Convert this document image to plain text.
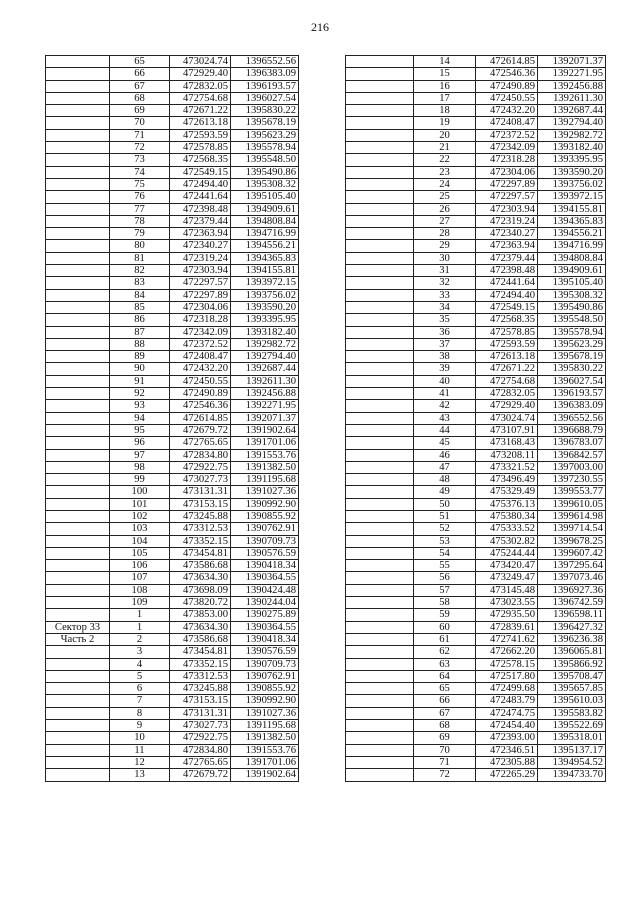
216
	65	473024.74	1396552.56
	66	472929.40	1396383.09
	67	472832.05	1396193.57
	68	472754.68	1396027.54
	69	472671.22	1395830.22
	70	472613.18	1395678.19
	71	472593.59	1395623.29
	72	472578.85	1395578.94
	73	472568.35	1395548.50
	74	472549.15	1395490.86
	75	472494.40	1395308.32
	76	472441.64	1395105.40
	77	472398.48	1394909.61
	78	472379.44	1394808.84
	79	472363.94	1394716.99
	80	472340.27	1394556.21
	81	472319.24	1394365.83
	82	472303.94	1394155.81
	83	472297.57	1393972.15
	84	472297.89	1393756.02
	85	472304.06	1393590.20
	86	472318.28	1393395.95
	87	472342.09	1393182.40
	88	472372.52	1392982.72
	89	472408.47	1392794.40
	90	472432.20	1392687.44
	91	472450.55	1392611.30
	92	472490.89	1392456.88
	93	472546.36	1392271.95
	94	472614.85	1392071.37
	95	472679.72	1391902.64
	96	472765.65	1391701.06
	97	472834.80	1391553.76
	98	472922.75	1391382.50
	99	473027.73	1391195.68
	100	473131.31	1391027.36
	101	473153.15	1390992.90
	102	473245.88	1390855.92
	103	473312.53	1390762.91
	104	473352.15	1390709.73
	105	473454.81	1390576.59
	106	473586.68	1390418.34
	107	473634.30	1390364.55
	108	473698.09	1390424.48
	109	473820.72	1390244.04
	1	473853.00	1390275.89
Сектор 33	1	473634.30	1390364.55
Часть 2	2	473586.68	1390418.34
	3	473454.81	1390576.59
	4	473352.15	1390709.73
	5	473312.53	1390762.91
	6	473245.88	1390855.92
	7	473153.15	1390992.90
	8	473131.31	1391027.36
	9	473027.73	1391195.68
	10	472922.75	1391382.50
	11	472834.80	1391553.76
	12	472765.65	1391701.06
	13	472679.72	1391902.64
	14	472614.85	1392071.37
	15	472546.36	1392271.95
	16	472490.89	1392456.88
	17	472450.55	1392611.30
	18	472432.20	1392687.44
	19	472408.47	1392794.40
	20	472372.52	1392982.72
	21	472342.09	1393182.40
	22	472318.28	1393395.95
	23	472304.06	1393590.20
	24	472297.89	1393756.02
	25	472297.57	1393972.15
	26	472303.94	1394155.81
	27	472319.24	1394365.83
	28	472340.27	1394556.21
	29	472363.94	1394716.99
	30	472379.44	1394808.84
	31	472398.48	1394909.61
	32	472441.64	1395105.40
	33	472494.40	1395308.32
	34	472549.15	1395490.86
	35	472568.35	1395548.50
	36	472578.85	1395578.94
	37	472593.59	1395623.29
	38	472613.18	1395678.19
	39	472671.22	1395830.22
	40	472754.68	1396027.54
	41	472832.05	1396193.57
	42	472929.40	1396383.09
	43	473024.74	1396552.56
	44	473107.91	1396688.79
	45	473168.43	1396783.07
	46	473208.11	1396842.57
	47	473321.52	1397003.00
	48	473496.49	1397230.55
	49	475329.49	1399553.77
	50	475376.13	1399610.05
	51	475380.34	1399614.98
	52	475333.52	1399714.54
	53	475302.82	1399678.25
	54	475244.44	1399607.42
	55	473420.47	1397295.64
	56	473249.47	1397073.46
	57	473145.48	1396927.36
	58	473023.55	1396742.59
	59	472935.50	1396598.11
	60	472839.61	1396427.32
	61	472741.62	1396236.38
	62	472662.20	1396065.81
	63	472578.15	1395866.92
	64	472517.80	1395708.47
	65	472499.68	1395657.85
	66	472483.79	1395610.03
	67	472474.75	1395583.82
	68	472454.40	1395522.69
	69	472393.00	1395318.01
	70	472346.51	1395137.17
	71	472305.88	1394954.52
	72	472265.29	1394733.70
